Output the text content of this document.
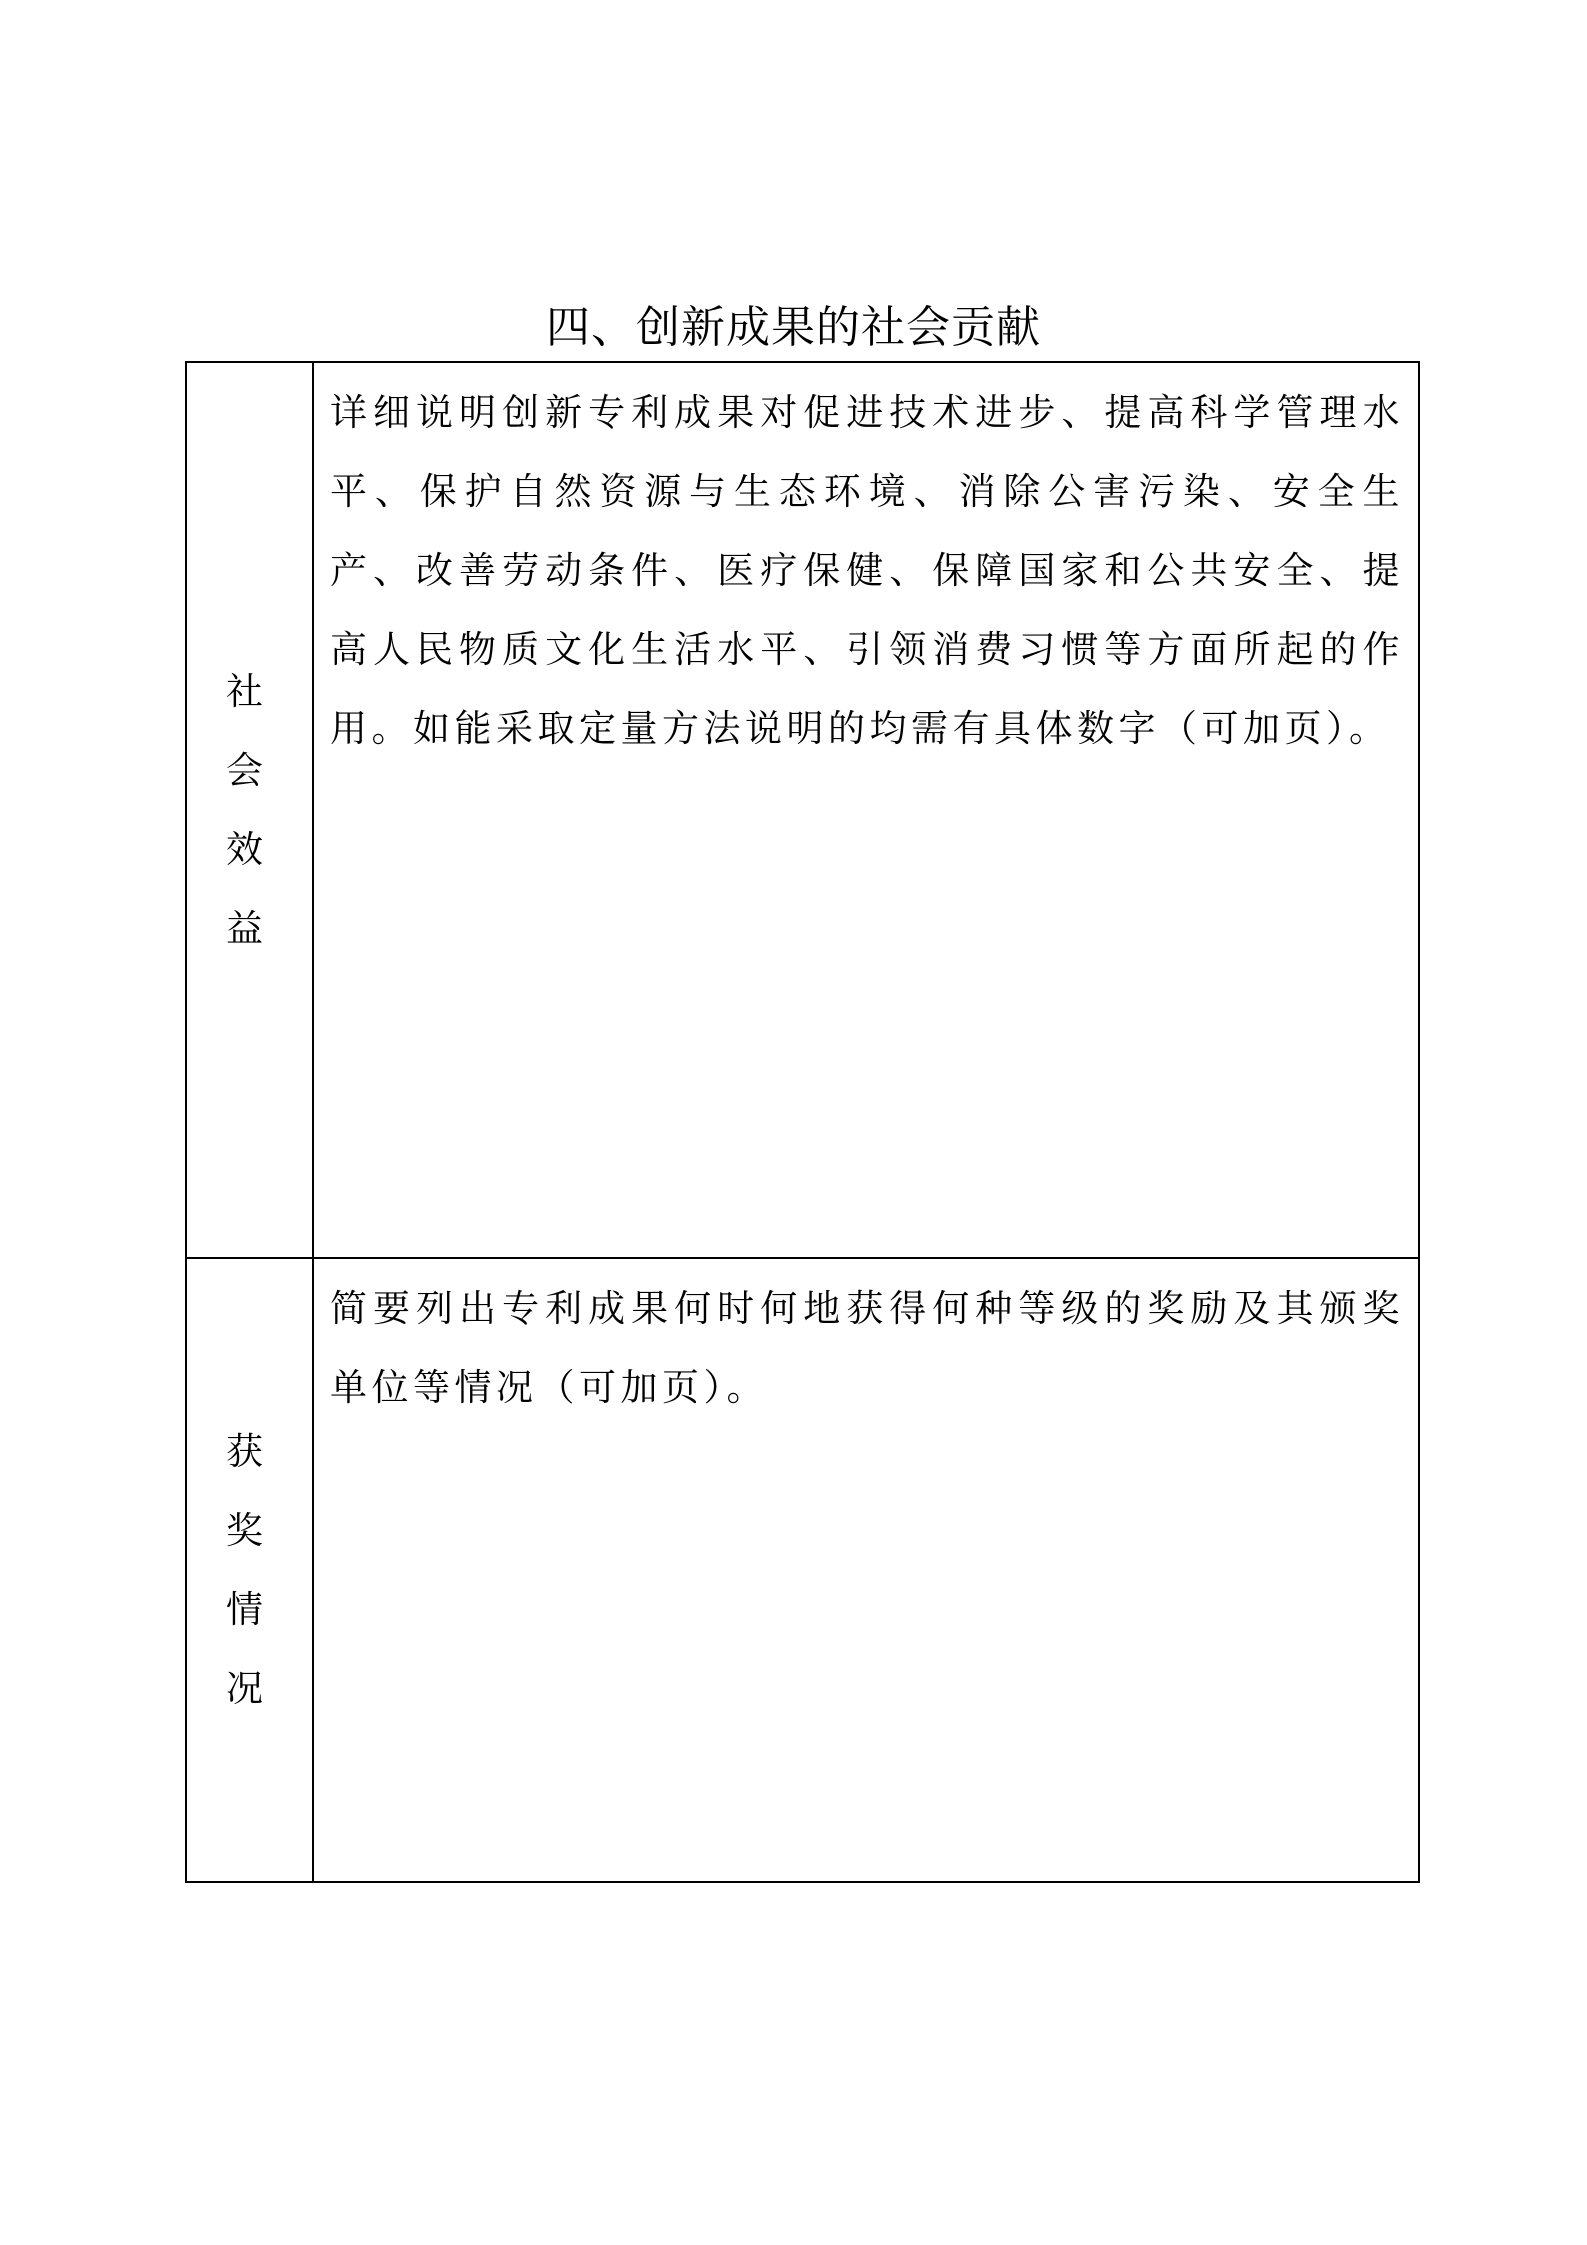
四、创新成果的社会贡献
社会效益	详细说明创新专利成果对促进技术进步、提高科学管理水平、保护自然资源与生态环境、消除公害污染、安全生产、改善劳动条件、医疗保健、保障国家和公共安全、提高人民物质文化生活水平、引领消费习惯等方面所起的作用。如能采取定量方法说明的均需有具体数字（可加页）。

获奖情况	简要列出专利成果何时何地获得何种等级的奖励及其颁奖单位等情况（可加页）。
